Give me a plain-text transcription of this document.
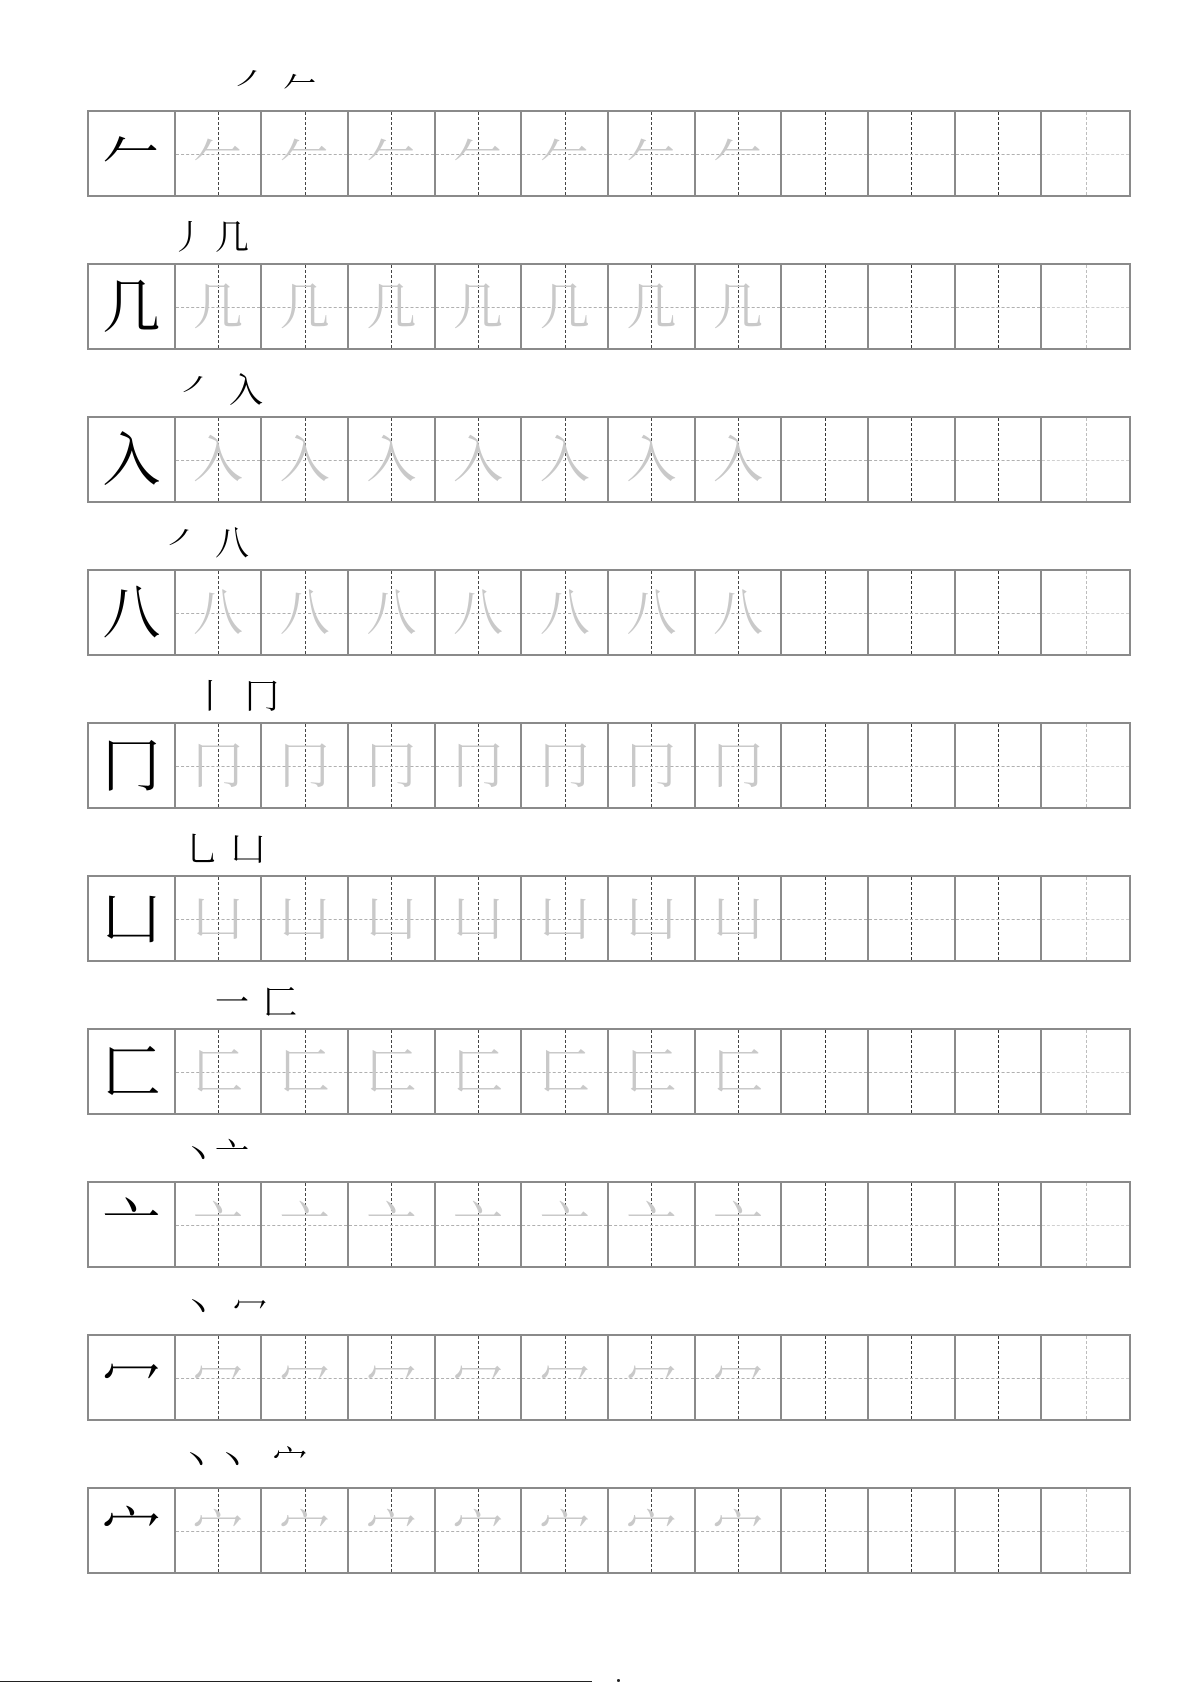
㇒ 𠂉
𠂉 𠂉 𠂉 𠂉 𠂉 𠂉 𠂉 𠂉
丿 几
几 几 几 几 几 几 几 几
㇒ 入
入 入 入 入 入 入 入 入
㇒ 八
八 八 八 八 八 八 八 八
丨 冂
冂 冂 冂 冂 冂 冂 冂 冂
乚 凵
凵 凵 凵 凵 凵 凵 凵 凵
一 匚
匚 匚 匚 匚 匚 匚 匚 匚
丶 亠
亠 亠 亠 亠 亠 亠 亠 亠
丶 冖
冖 冖 冖 冖 冖 冖 冖 冖
丶 丶 宀
宀 宀 宀 宀 宀 宀 宀 宀
